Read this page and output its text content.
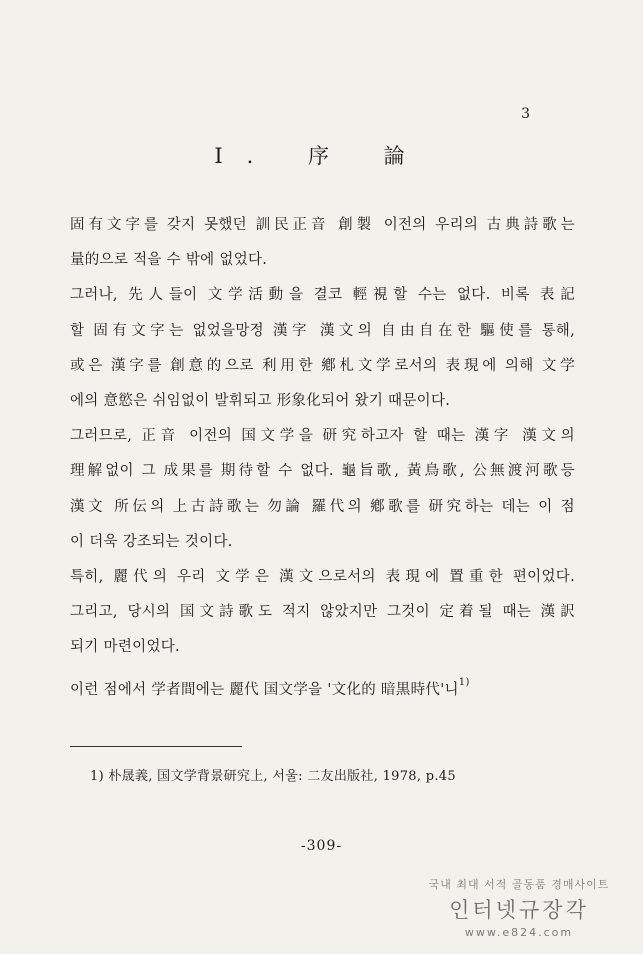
3
I. 序 論
固有文字를 갖지 못했던 訓民正音 創製 이전의 우리의 古典詩歌는
量的으로 적을 수 밖에 없었다.
그러나, 先人들이 文学活動을 결코 輕視할 수는 없다. 비록 表記
할 固有文字는 없었을망정 漢字 漢文의 自由自在한 驅使를 통해,
或은 漢字를 創意的으로 利用한 鄕札文学로서의 表現에 의해 文学
에의 意慾은 쉬임없이 발휘되고 形象化되어 왔기 때문이다.
그러므로, 正音 이전의 国文学을 研究하고자 할 때는 漢字 漢文의
理解없이 그 成果를 期待할 수 없다. 龜旨歌, 黃鳥歌, 公無渡河歌등
漢文 所伝의 上古詩歌는 勿論 羅代의 鄕歌를 研究하는 데는 이 점
이 더욱 강조되는 것이다.
특히, 麗代의 우리 文学은 漢文으로서의 表現에 置重한 편이었다.
그리고, 당시의 国文詩歌도 적지 않았지만 그것이 定着될 때는 漢訳
되기 마련이었다.
이런 점에서 学者間에는 麗代 国文学을 '文化的 暗黒時代'니$^{1)}$
1) 朴晟義, 国文学背景研究上, 서울: 二友出版社, 1978, p.45
-309-
국내 최대 서적 골동품 경매사이트
인터넷규장각
www.e824.com
